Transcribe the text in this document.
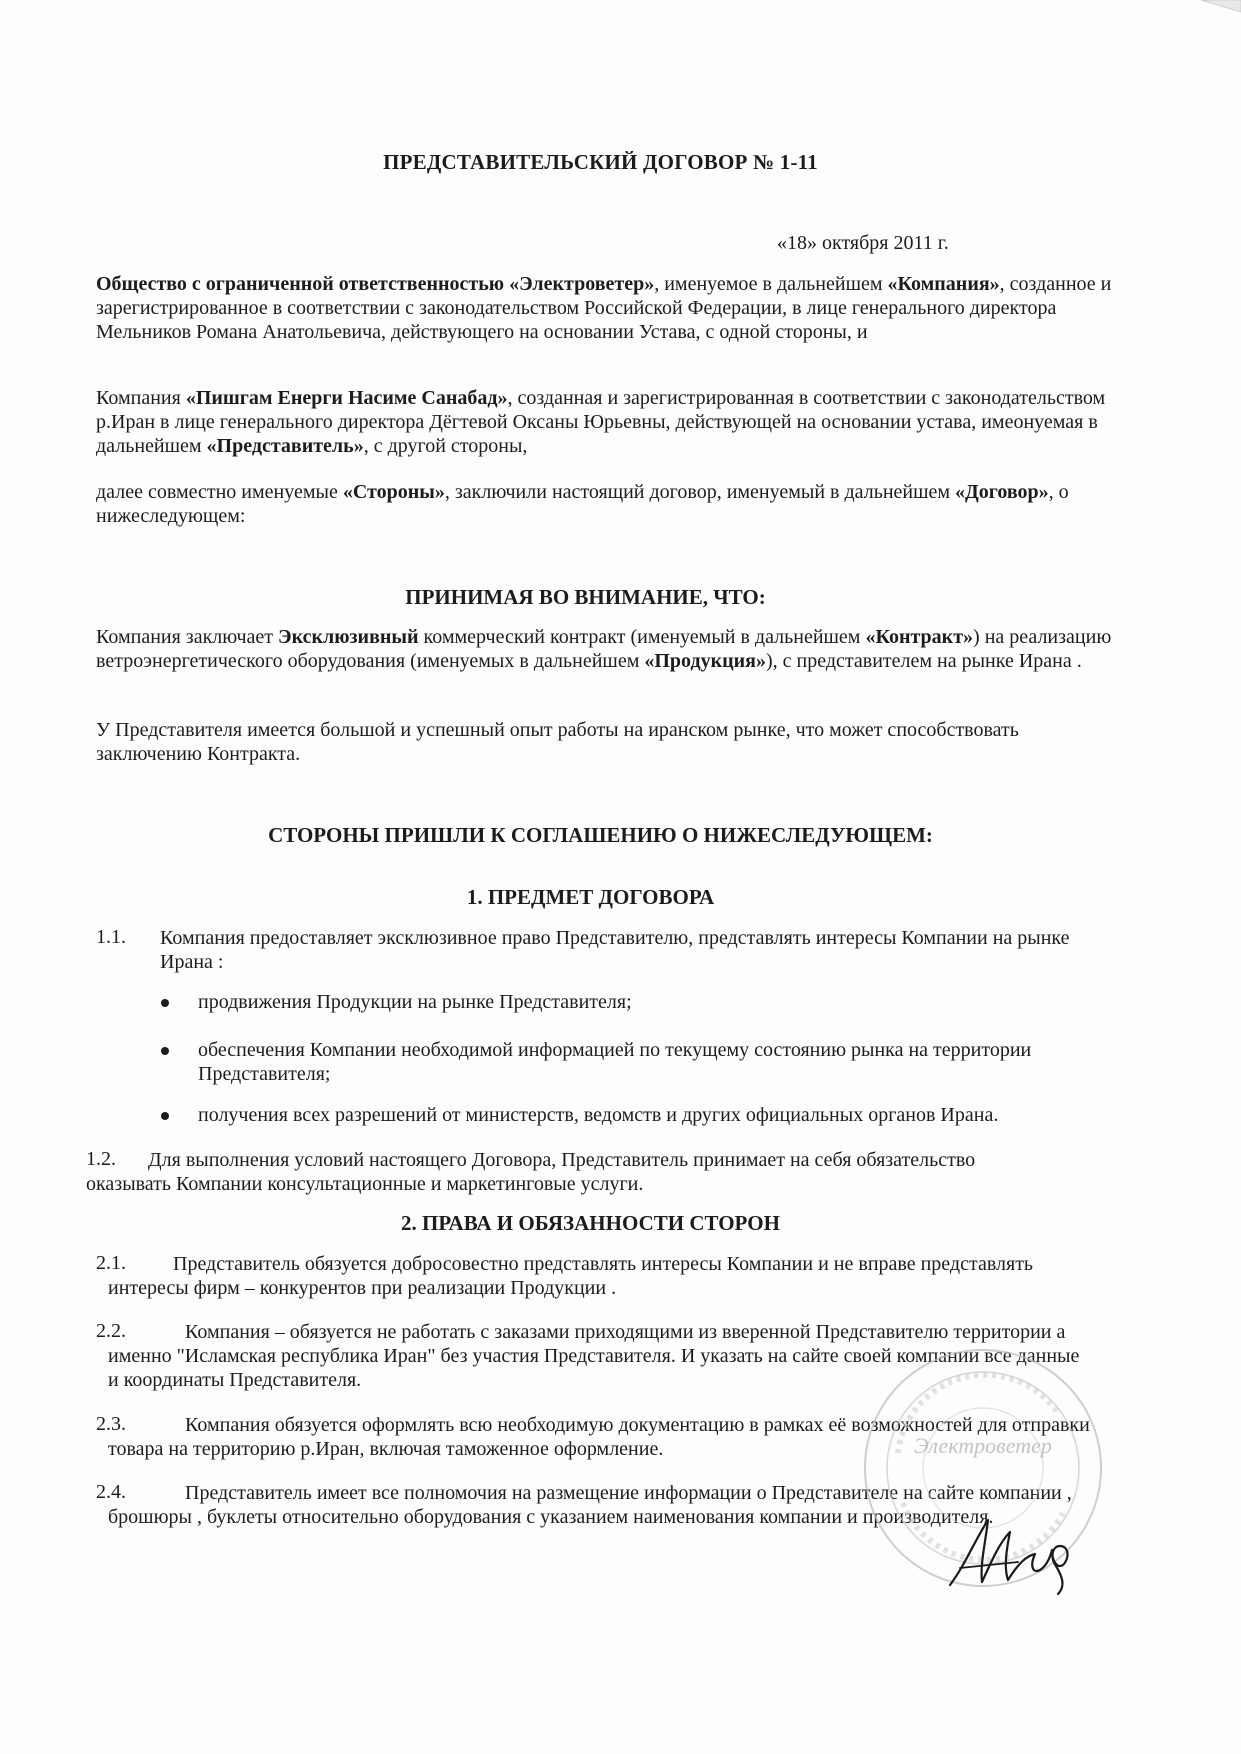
ПРЕДСТАВИТЕЛЬСКИЙ ДОГОВОР № 1-11
«18» октября 2011 г.

Общество с ограниченной ответственностью «Электроветер», именуемое в дальнейшем «Компания», созданное и зарегистрированное в соответствии с законодательством Российской Федерации, в лице генерального директора Мельников Романа Анатольевича, действующего на основании Устава, с одной стороны, и

Компания «Пишгам Енерги Насиме Санабад», созданная и зарегистрированная в соответствии с законодательством р.Иран в лице генерального директора Дёгтевой Оксаны Юрьевны, действующей на основании устава, имеонуемая в дальнейшем «Представитель», с другой стороны,

далее совместно именуемые «Стороны», заключили настоящий договор, именуемый в дальнейшем «Договор», о нижеследующем:

ПРИНИМАЯ ВО ВНИМАНИЕ, ЧТО:

Компания заключает Эксклюзивный коммерческий контракт (именуемый в дальнейшем «Контракт») на реализацию ветроэнергетического оборудования (именуемых в дальнейшем «Продукция»), с представителем на рынке Ирана .

У Представителя имеется большой и успешный опыт работы на иранском рынке, что может способствовать заключению Контракта.

СТОРОНЫ ПРИШЛИ К СОГЛАШЕНИЮ О НИЖЕСЛЕДУЮЩЕМ:
1. ПРЕДМЕТ ДОГОВОРА
1.1. Компания предоставляет эксклюзивное право Представителю, представлять интересы Компании на рынке Ирана :

продвижения Продукции на рынке Представителя;

обеспечения Компании необходимой информацией по текущему состоянию рынка на территории Представителя;

получения всех разрешений от министерств, ведомств и других официальных органов Ирана.

1.2.	Для выполнения условий настоящего Договора, Представитель принимает на себя обязательство оказывать Компании консультационные и маркетинговые услуги.

2. ПРАВА И ОБЯЗАННОСТИ СТОРОН
2.1.	Представитель обязуется добросовестно представлять интересы Компании и не вправе представлять интересы фирм – конкурентов при реализации Продукции .

2.2.	Компания – обязуется не работать с заказами приходящими из вверенной Представителю территории а именно "Исламская республика Иран" без участия Представителя. И указать на сайте своей компании все данные и координаты Представителя.

2.3.	Компания обязуется оформлять всю необходимую документацию в рамках её возможностей для отправки товара на территорию р.Иран, включая таможенное оформление.

2.4.	Представитель имеет все полномочия на размещение информации о Представителе на сайте компании , брошюры , буклеты относительно оборудования с указанием наименования компании и производителя.

Электроветер
